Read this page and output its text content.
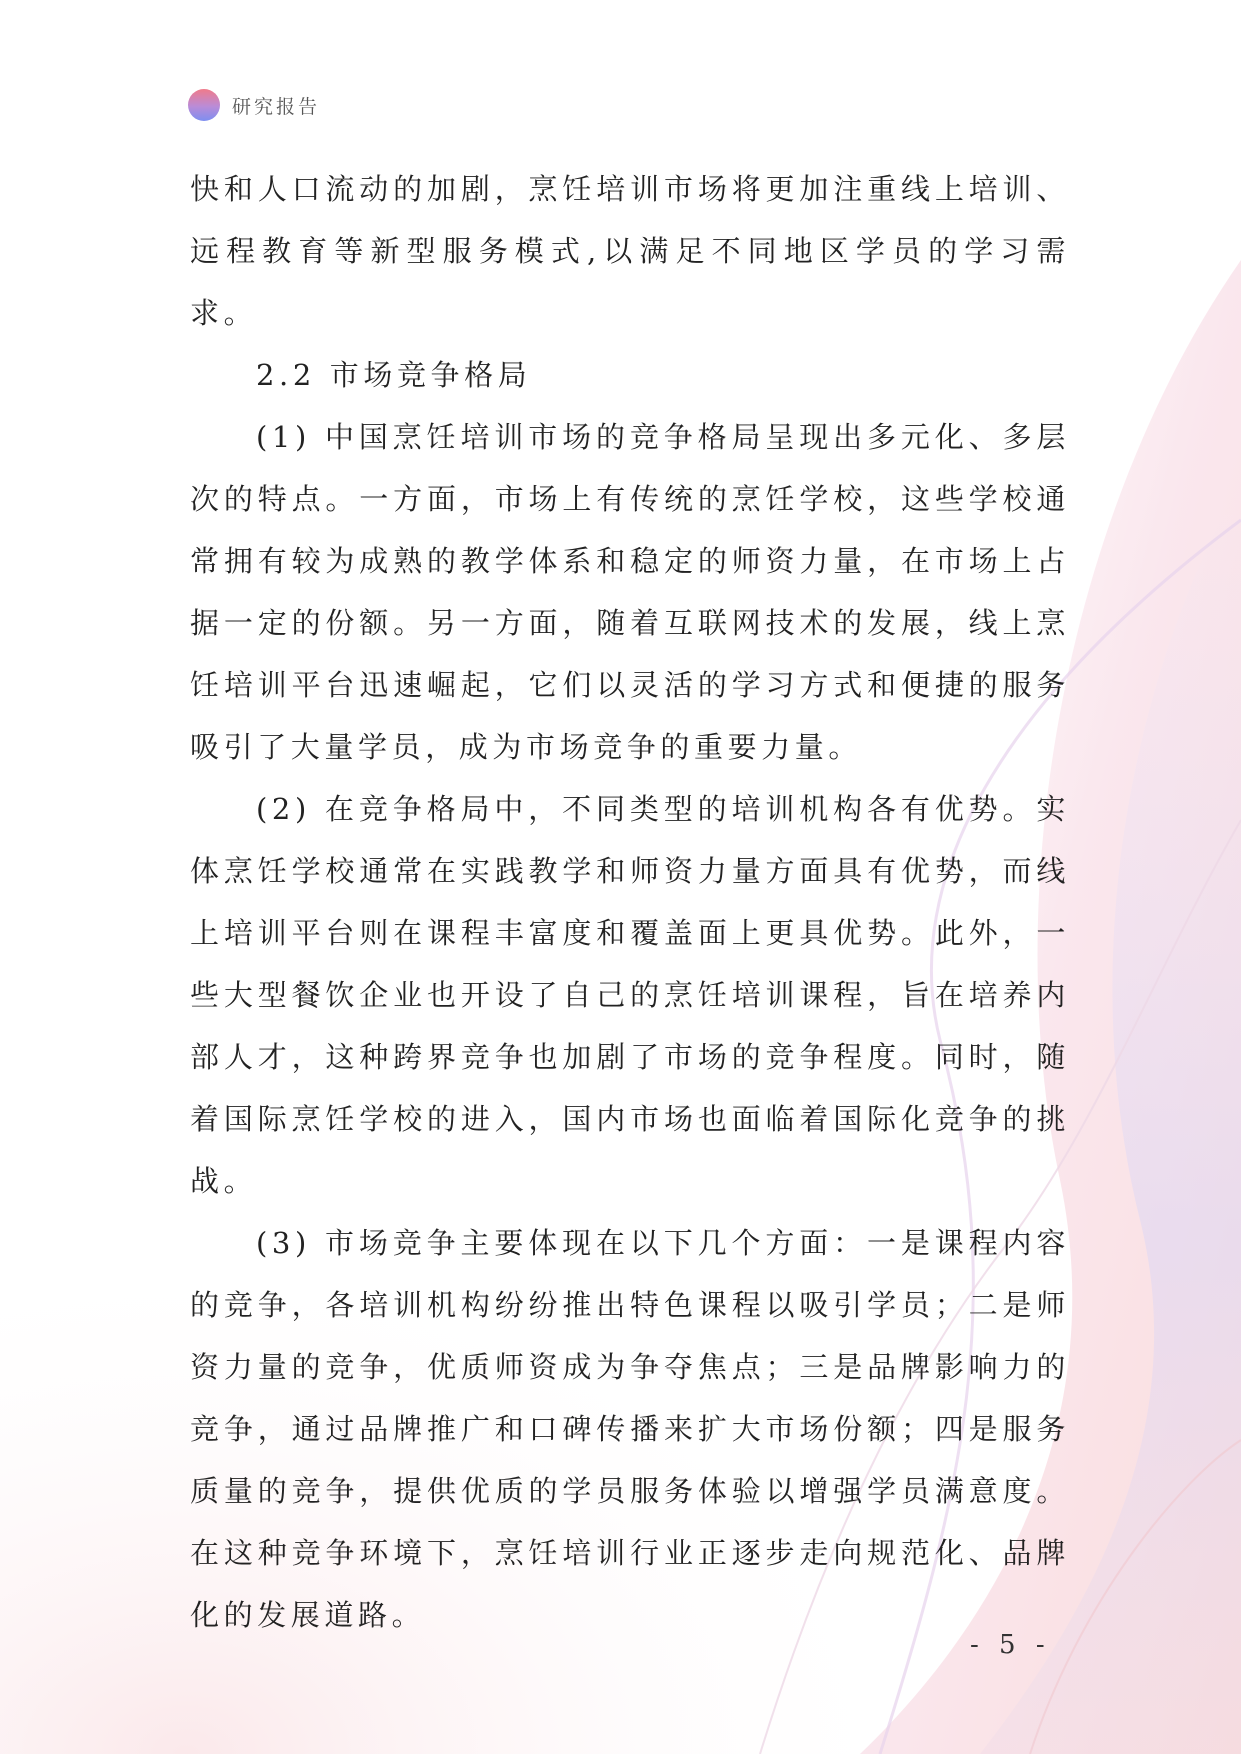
研究报告

快和人口流动的加剧，烹饪培训市场将更加注重线上培训、远程教育等新型服务模式,以满足不同地区学员的学习需求。

2.2 市场竞争格局

(1) 中国烹饪培训市场的竞争格局呈现出多元化、多层次的特点。一方面，市场上有传统的烹饪学校，这些学校通常拥有较为成熟的教学体系和稳定的师资力量，在市场上占据一定的份额。另一方面，随着互联网技术的发展，线上烹饪培训平台迅速崛起，它们以灵活的学习方式和便捷的服务吸引了大量学员，成为市场竞争的重要力量。

(2) 在竞争格局中，不同类型的培训机构各有优势。实体烹饪学校通常在实践教学和师资力量方面具有优势，而线上培训平台则在课程丰富度和覆盖面上更具优势。此外，一些大型餐饮企业也开设了自己的烹饪培训课程，旨在培养内部人才，这种跨界竞争也加剧了市场的竞争程度。同时，随着国际烹饪学校的进入，国内市场也面临着国际化竞争的挑战。

(3) 市场竞争主要体现在以下几个方面：一是课程内容的竞争，各培训机构纷纷推出特色课程以吸引学员；二是师资力量的竞争，优质师资成为争夺焦点；三是品牌影响力的竞争，通过品牌推广和口碑传播来扩大市场份额；四是服务质量的竞争，提供优质的学员服务体验以增强学员满意度。在这种竞争环境下，烹饪培训行业正逐步走向规范化、品牌化的发展道路。

- 5 -
